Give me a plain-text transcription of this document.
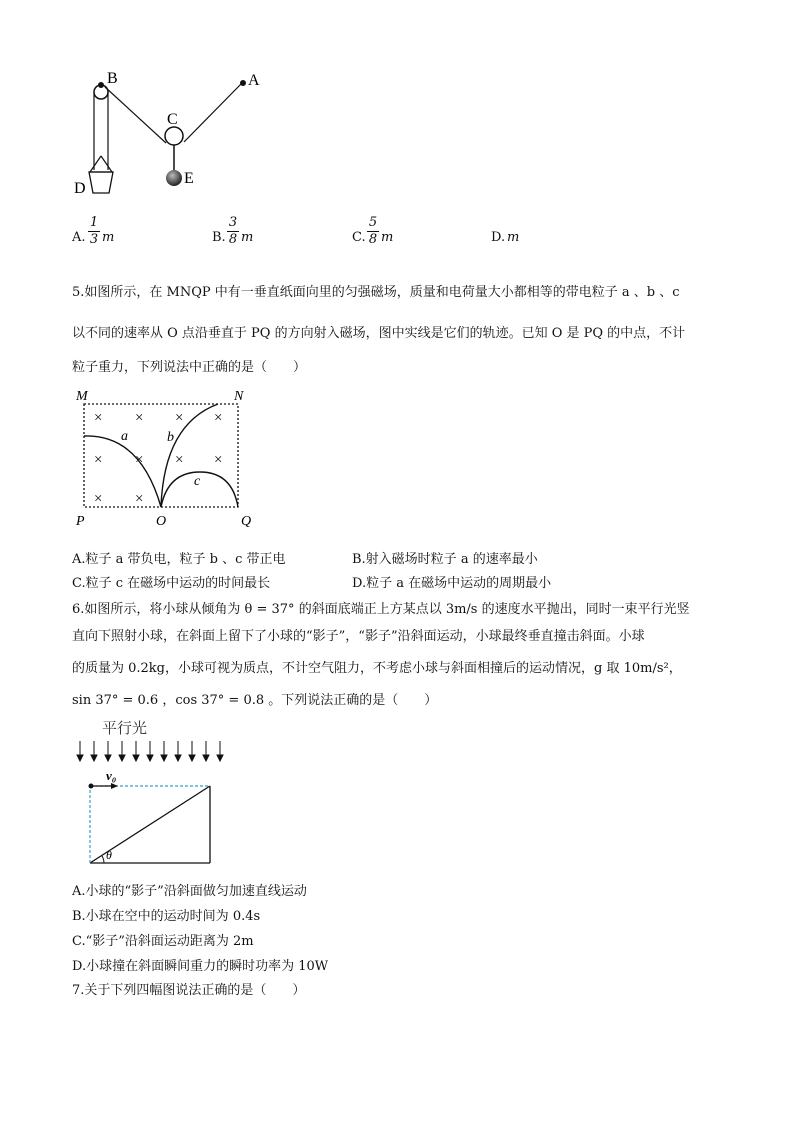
B	A
C
D
E
A.
1
3 m	B.
3
8 m	C.
5
8 m	D. m
5.如图所示，在 MNQP 中有一垂直纸面向里的匀强磁场，质量和电荷量大小都相等的带电粒子 a 、b 、c
以不同的速率从 O 点沿垂直于 PQ 的方向射入磁场，图中实线是它们的轨迹。已知 O 是 PQ 的中点，不计
粒子重力，下列说法中正确的是（　　）
× × × ×
× × × ×
× ×
M	N
P	O	Q
a	b
c
A.粒子 a 带负电，粒子 b 、c 带正电	B.射入磁场时粒子 a 的速率最小
C.粒子 c 在磁场中运动的时间最长	D.粒子 a 在磁场中运动的周期最小
6.如图所示，将小球从倾角为 θ = 37° 的斜面底端正上方某点以 3m/s 的速度水平抛出，同时一束平行光竖
直向下照射小球，在斜面上留下了小球的“影子”，“影子”沿斜面运动，小球最终垂直撞击斜面。小球
的质量为 0.2kg，小球可视为质点，不计空气阻力，不考虑小球与斜面相撞后的运动情况，g 取 10m/s²，
sin 37° = 0.6 ，cos 37° = 0.8 。下列说法正确的是（　　）
平行光
v₀
θ
A.小球的“影子”沿斜面做匀加速直线运动
B.小球在空中的运动时间为 0.4s
C.“影子”沿斜面运动距离为 2m
D.小球撞在斜面瞬间重力的瞬时功率为 10W
7.关于下列四幅图说法正确的是（　　）
